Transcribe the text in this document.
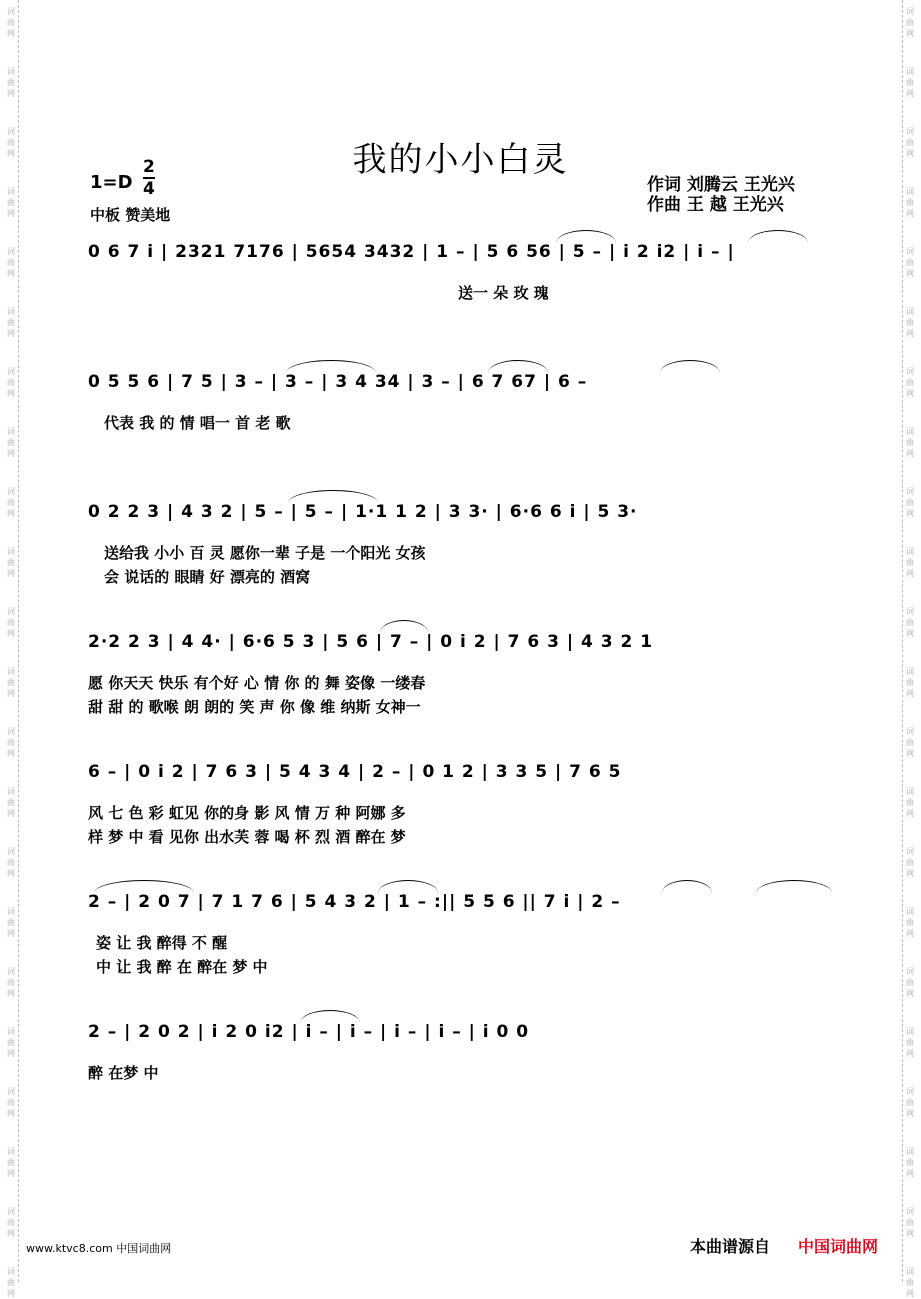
词
曲
网
词
曲
网
词
曲
网
词
曲
网
词
曲
网
词
曲
网
词
曲
网
词
曲
网
词
曲
网
词
曲
网
词
曲
网
词
曲
网
词
曲
网
词
曲
网
词
曲
网
词
曲
网
词
曲
网
词
曲
网
词
曲
网
词
曲
网
词
曲
网
词
曲
网
词
曲
网
词
曲
网
词
曲
网
词
曲
网
词
曲
网
词
曲
网
词
曲
网
词
曲
网
词
曲
网
词
曲
网
词
曲
网
词
曲
网
词
曲
网
词
曲
网
词
曲
网
词
曲
网
词
曲
网
词
曲
网
词
曲
网
词
曲
网
词
曲
网
词
曲
网
我的小小白灵
1=D
2
4
中板 赞美地
作词 刘腾云 王光兴
作曲 王 越 王光兴
0 6 7 i | 2321 7176 | 5654 3432 | 1 – | 5 6 56 | 5 – | i 2 i2 | i – |
送一 朵 玫 瑰
0 5 5 6 | 7 5 | 3 – | 3 – | 3 4 34 | 3 – | 6 7 67 | 6 –
代表 我 的 情 唱一 首 老 歌
0 2 2 3 | 4 3 2 | 5 – | 5 – | 1·1 1 2 | 3 3· | 6·6 6 i | 5 3·
送给我 小小 百 灵 愿你一辈 子是 一个阳光 女孩
会 说话的 眼睛 好 漂亮的 酒窝
2·2 2 3 | 4 4· | 6·6 5 3 | 5 6 | 7 – | 0 i 2 | 7 6 3 | 4 3 2 1
愿 你天天 快乐 有个好 心 情 你 的 舞 姿像 一缕春
甜 甜 的 歌喉 朗 朗的 笑 声 你 像 维 纳斯 女神一
6 – | 0 i 2 | 7 6 3 | 5 4 3 4 | 2 – | 0 1 2 | 3 3 5 | 7 6 5
风 七 色 彩 虹见 你的身 影 风 情 万 种 阿娜 多
样 梦 中 看 见你 出水芙 蓉 喝 杯 烈 酒 醉在 梦
2 – | 2 0 7 | 7 1 7 6 | 5 4 3 2 | 1 – :|| 5 5 6 || 7 i | 2 –
姿 让 我 醉得 不 醒
中 让 我 醉 在 醉在 梦 中
2 – | 2 0 2 | i 2 0 i2 | i – | i – | i – | i – | i 0 0
醉 在梦 中
www.ktvc8.com 中国词曲网	本曲谱源自 中国词曲网
